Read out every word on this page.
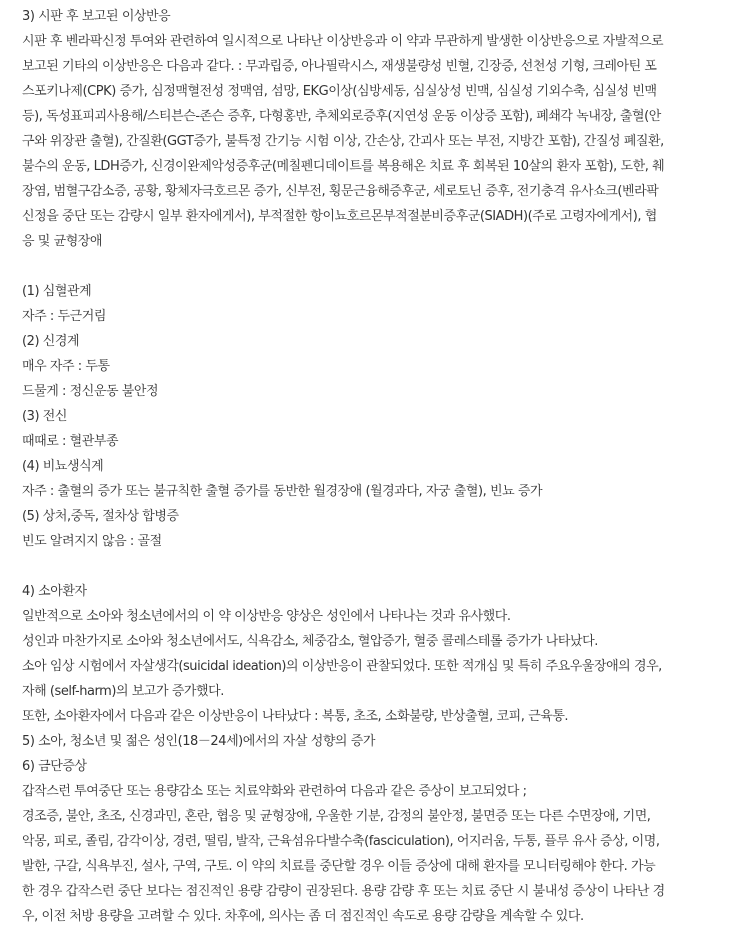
3) 시판 후 보고된 이상반응
시판 후 벤라팍신정 투여와 관련하여 일시적으로 나타난 이상반응과 이 약과 무관하게 발생한 이상반응으로 자발적으로
보고된 기타의 이상반응은 다음과 같다. : 무과립증, 아나필락시스, 재생불량성 빈혈, 긴장증, 선천성 기형, 크레아틴 포
스포키나제(CPK) 증가, 심정맥혈전성 정맥염, 섬망, EKG이상(심방세동, 심실상성 빈맥, 심실성 기외수축, 심실성 빈맥
등), 독성표피괴사용해/스티븐슨-존슨 증후, 다형홍반, 추체외로증후(지연성 운동 이상증 포함), 폐쇄각 녹내장, 출혈(안
구와 위장관 출혈), 간질환(GGT증가, 불특정 간기능 시험 이상, 간손상, 간괴사 또는 부전, 지방간 포함), 간질성 폐질환,
불수의 운동, LDH증가, 신경이완제악성증후군(메칠펜디데이트를 복용해온 치료 후 회복된 10살의 환자 포함), 도한, 췌
장염, 범혈구감소증, 공황, 황체자극호르몬 증가, 신부전, 횡문근융해증후군, 세로토닌 증후, 전기충격 유사쇼크(벤라팍
신정을 중단 또는 감량시 일부 환자에게서), 부적절한 항이뇨호르몬부적절분비증후군(SIADH)(주로 고령자에게서), 협
응 및 균형장애
(1) 심혈관계
자주 : 두근거림
(2) 신경계
매우 자주 : 두통
드물게 : 정신운동 불안정
(3) 전신
때때로 : 혈관부종
(4) 비뇨생식계
자주 : 출혈의 증가 또는 불규칙한 출혈 증가를 동반한 월경장애 (월경과다, 자궁 출혈), 빈뇨 증가
(5) 상처,중독, 절차상 합병증
빈도 알려지지 않음 : 골절
4) 소아환자
일반적으로 소아와 청소년에서의 이 약 이상반응 양상은 성인에서 나타나는 것과 유사했다.
성인과 마찬가지로 소아와 청소년에서도, 식욕감소, 체중감소, 혈압증가, 혈중 콜레스테롤 증가가 나타났다.
소아 임상 시험에서 자살생각(suicidal ideation)의 이상반응이 관찰되었다. 또한 적개심 및 특히 주요우울장애의 경우,
자해 (self-harm)의 보고가 증가했다.
또한, 소아환자에서 다음과 같은 이상반응이 나타났다 : 복통, 초조, 소화불량, 반상출혈, 코피, 근육통.
5) 소아, 청소년 및 젊은 성인(18－24세)에서의 자살 성향의 증가
6) 금단증상
갑작스런 투여중단 또는 용량감소 또는 치료약화와 관련하여 다음과 같은 증상이 보고되었다 ;
경조증, 불안, 초조, 신경과민, 혼란, 협응 및 균형장애, 우울한 기분, 감정의 불안정, 불면증 또는 다른 수면장애, 기면,
악몽, 피로, 졸림, 감각이상, 경련, 떨림, 발작, 근육섬유다발수축(fasciculation), 어지러움, 두통, 플루 유사 증상, 이명,
발한, 구갈, 식욕부진, 설사, 구역, 구토. 이 약의 치료를 중단할 경우 이들 증상에 대해 환자를 모니터링해야 한다. 가능
한 경우 갑작스런 중단 보다는 점진적인 용량 감량이 권장된다. 용량 감량 후 또는 치료 중단 시 불내성 증상이 나타난 경
우, 이전 처방 용량을 고려할 수 있다. 차후에, 의사는 좀 더 점진적인 속도로 용량 감량을 계속할 수 있다.
